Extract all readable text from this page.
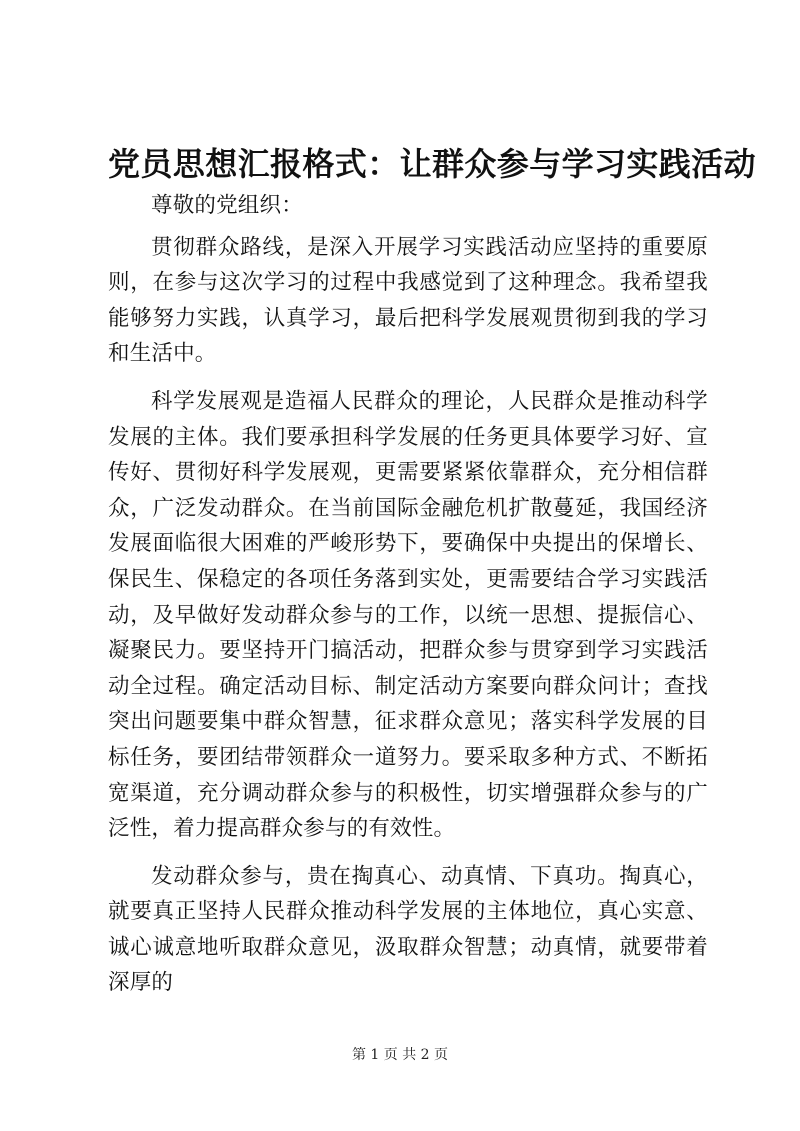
党员思想汇报格式：让群众参与学习实践活动

尊敬的党组织：

贯彻群众路线，是深入开展学习实践活动应坚持的重要原则，在参与这次学习的过程中我感觉到了这种理念。我希望我能够努力实践，认真学习，最后把科学发展观贯彻到我的学习和生活中。

科学发展观是造福人民群众的理论，人民群众是推动科学发展的主体。我们要承担科学发展的任务更具体要学习好、宣传好、贯彻好科学发展观，更需要紧紧依靠群众，充分相信群众，广泛发动群众。在当前国际金融危机扩散蔓延，我国经济发展面临很大困难的严峻形势下，要确保中央提出的保增长、保民生、保稳定的各项任务落到实处，更需要结合学习实践活动，及早做好发动群众参与的工作，以统一思想、提振信心、凝聚民力。要坚持开门搞活动，把群众参与贯穿到学习实践活动全过程。确定活动目标、制定活动方案要向群众问计；查找突出问题要集中群众智慧，征求群众意见；落实科学发展的目标任务，要团结带领群众一道努力。要采取多种方式、不断拓宽渠道，充分调动群众参与的积极性，切实增强群众参与的广泛性，着力提高群众参与的有效性。

发动群众参与，贵在掏真心、动真情、下真功。掏真心，就要真正坚持人民群众推动科学发展的主体地位，真心实意、诚心诚意地听取群众意见，汲取群众智慧；动真情，就要带着深厚的

第 1 页 共 2 页
